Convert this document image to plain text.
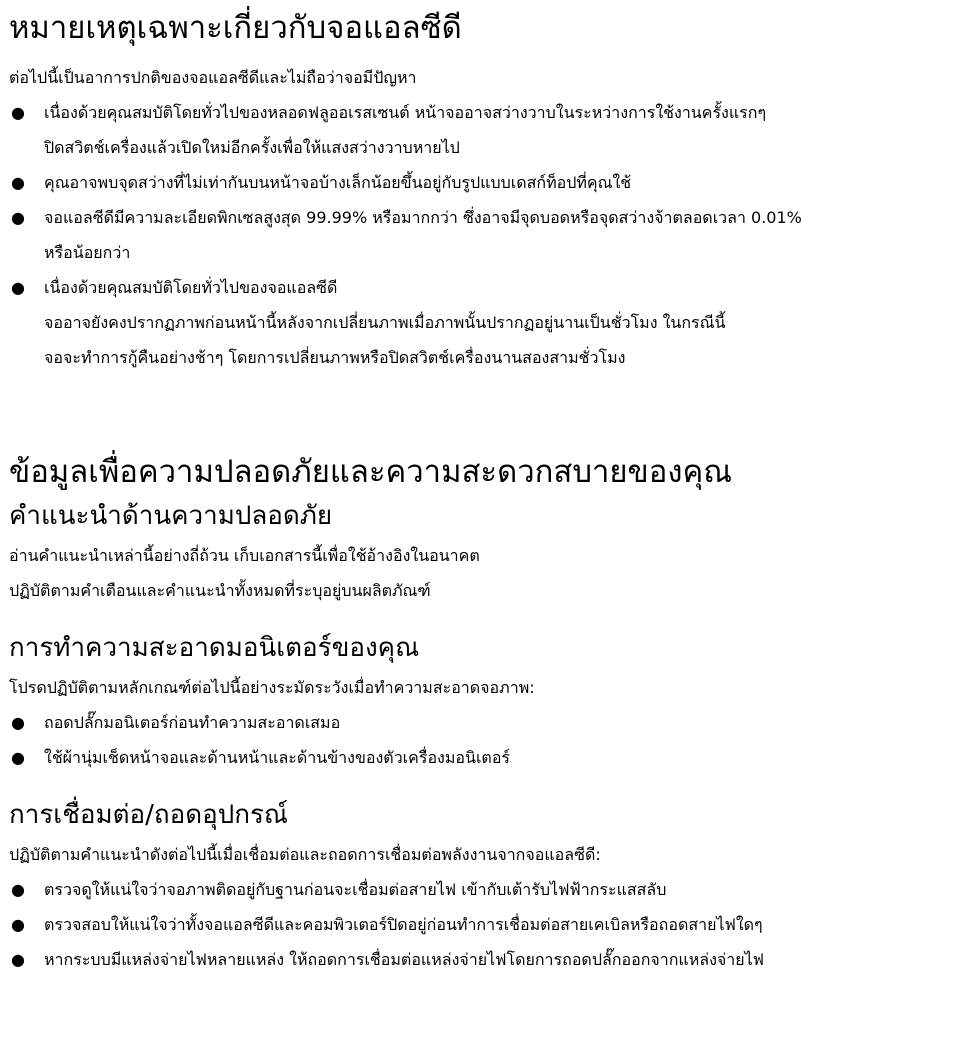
หมายเหตุเฉพาะเกี่ยวกับจอแอลซีดี

ต่อไปนี้เป็นอาการปกติของจอแอลซีดีและไม่ถือว่าจอมีปัญหา

● เนื่องด้วยคุณสมบัติโดยทั่วไปของหลอดฟลูออเรสเซนต์ หน้าจออาจสว่างวาบในระหว่างการใช้งานครั้งแรกๆ
ปิดสวิตช์เครื่องแล้วเปิดใหม่อีกครั้งเพื่อให้แสงสว่างวาบหายไป
● คุณอาจพบจุดสว่างที่ไม่เท่ากันบนหน้าจอบ้างเล็กน้อยขึ้นอยู่กับรูปแบบเดสก์ท็อปที่คุณใช้
● จอแอลซีดีมีความละเอียดพิกเซลสูงสุด 99.99% หรือมากกว่า ซึ่งอาจมีจุดบอดหรือจุดสว่างจ้าตลอดเวลา 0.01%
หรือน้อยกว่า
● เนื่องด้วยคุณสมบัติโดยทั่วไปของจอแอลซีดี
จออาจยังคงปรากฏภาพก่อนหน้านี้หลังจากเปลี่ยนภาพเมื่อภาพนั้นปรากฏอยู่นานเป็นชั่วโมง ในกรณีนี้
จอจะทำการกู้คืนอย่างช้าๆ โดยการเปลี่ยนภาพหรือปิดสวิตช์เครื่องนานสองสามชั่วโมง
ข้อมูลเพื่อความปลอดภัยและความสะดวกสบายของคุณ
คำแนะนำด้านความปลอดภัย

อ่านคำแนะนำเหล่านี้อย่างถี่ถ้วน เก็บเอกสารนี้เพื่อใช้อ้างอิงในอนาคต

ปฏิบัติตามคำเตือนและคำแนะนำทั้งหมดที่ระบุอยู่บนผลิตภัณฑ์

การทำความสะอาดมอนิเตอร์ของคุณ

โปรดปฏิบัติตามหลักเกณฑ์ต่อไปนี้อย่างระมัดระวังเมื่อทำความสะอาดจอภาพ:

● ถอดปลั๊กมอนิเตอร์ก่อนทำความสะอาดเสมอ
● ใช้ผ้านุ่มเช็ดหน้าจอและด้านหน้าและด้านข้างของตัวเครื่องมอนิเตอร์
การเชื่อมต่อ/ถอดอุปกรณ์

ปฏิบัติตามคำแนะนำดังต่อไปนี้เมื่อเชื่อมต่อและถอดการเชื่อมต่อพลังงานจากจอแอลซีดี:

● ตรวจดูให้แน่ใจว่าจอภาพติดอยู่กับฐานก่อนจะเชื่อมต่อสายไฟ เข้ากับเต้ารับไฟฟ้ากระแสสลับ
● ตรวจสอบให้แน่ใจว่าทั้งจอแอลซีดีและคอมพิวเตอร์ปิดอยู่ก่อนทำการเชื่อมต่อสายเคเบิลหรือถอดสายไฟใดๆ
● หากระบบมีแหล่งจ่ายไฟหลายแหล่ง ให้ถอดการเชื่อมต่อแหล่งจ่ายไฟโดยการถอดปลั๊กออกจากแหล่งจ่ายไฟ
